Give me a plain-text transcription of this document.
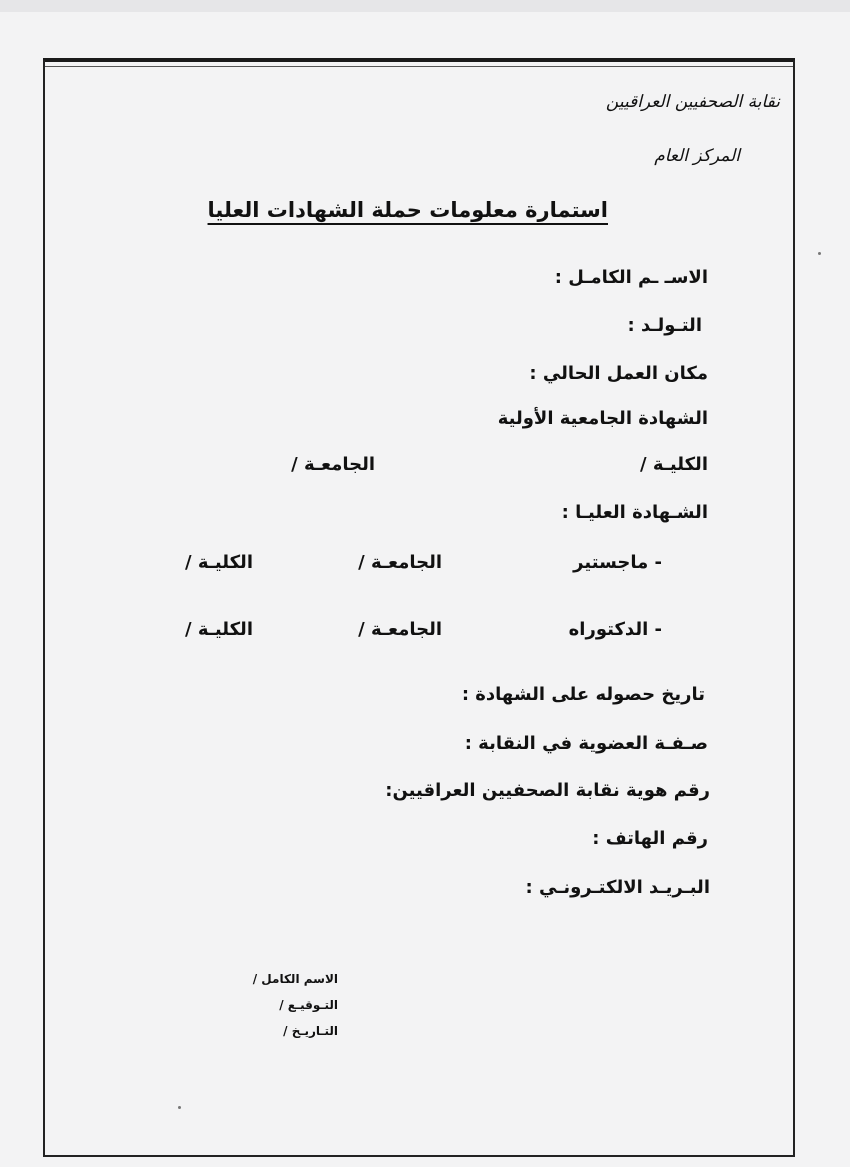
نقابة الصحفيين العراقيين
المركز العام
استمارة معلومات حملة الشهادات العليا
الاسـ ـم الكامـل :
التـولـد :
مكان العمل الحالي :
الشهادة الجامعية الأولية
الكليـة /
الجامعـة /
الشـهادة العليـا :
- ماجستير
الجامعـة /
الكليـة /
- الدكتوراه
الجامعـة /
الكليـة /
تاريخ حصوله على الشهادة :
صـفـة العضوية في النقابة :
رقم هوية نقابة الصحفيين العراقيين:
رقم الهاتف :
البـريـد الالكتـرونـي :
الاسم الكامل /
التـوقيـع /
التـاريـخ /
